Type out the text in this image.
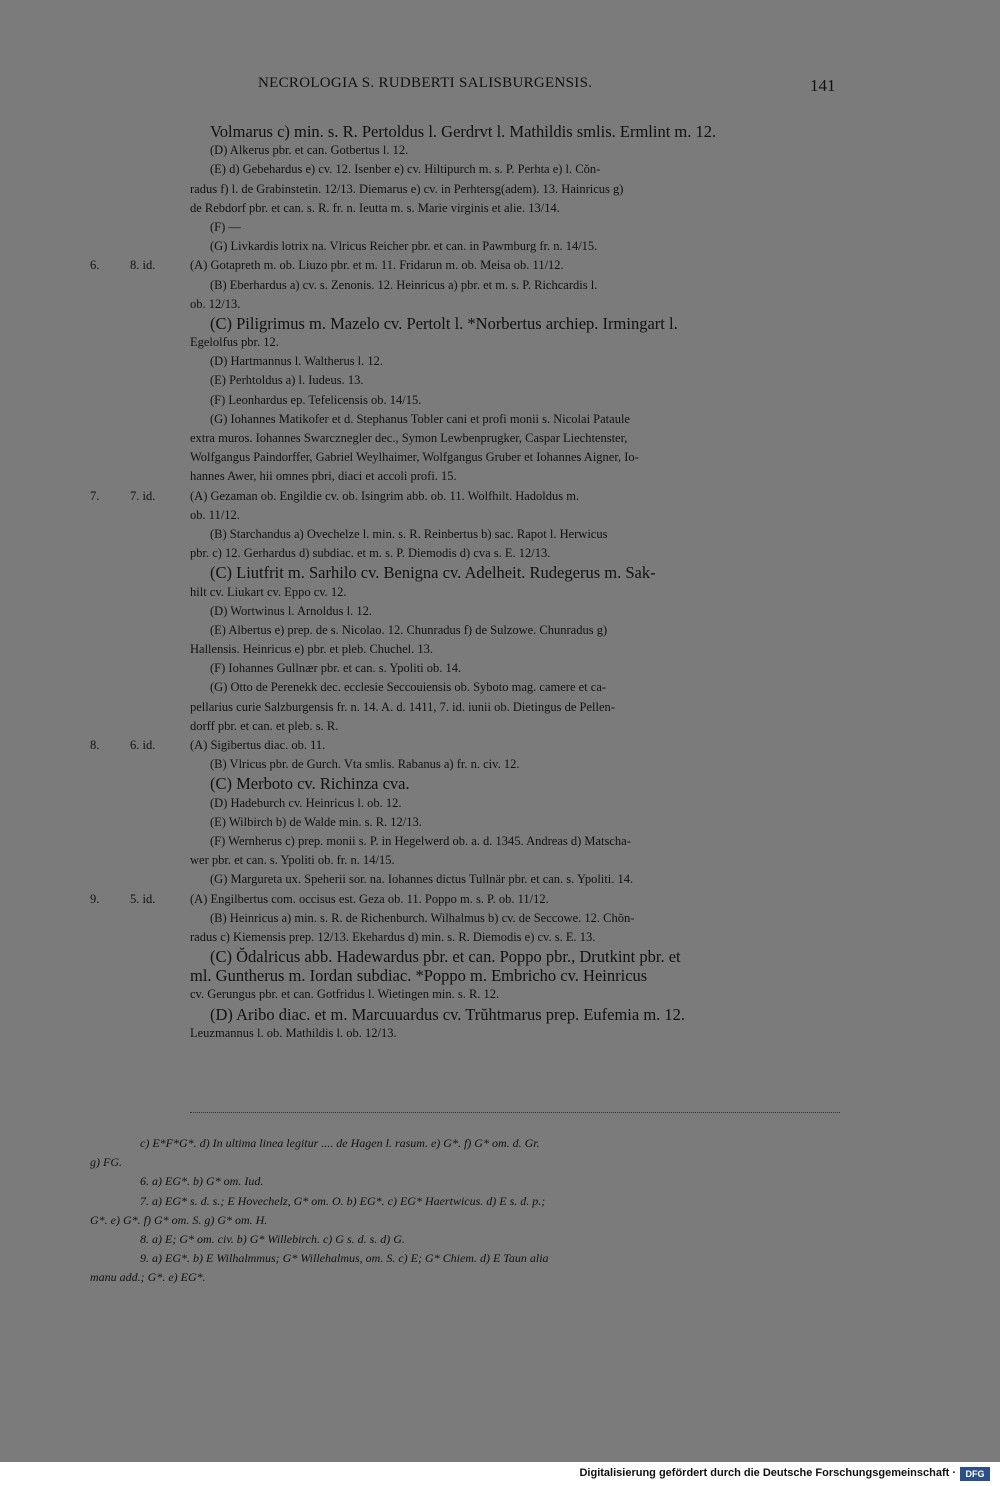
NECROLOGIA S. RUDBERTI SALISBURGENSIS.	141
Volmarus c) min. s. R. Pertoldus l. Gerdrvt l. Mathildis smlis. Ermlint m. 12.
(D) Alkerus pbr. et can. Gotbertus l. 12.
(E) d) Gebehardus e) cv. 12. Isenber e) cv. Hiltipurch m. s. P. Perhta e) l. Cŏn-
radus f) l. de Grabinstetin. 12/13. Diemarus e) cv. in Perhtersg(adem). 13. Hainricus g)
de Rebdorf pbr. et can. s. R. fr. n. Ieutta m. s. Marie virginis et alie. 13/14.
(F) —
(G) Livkardis lotrix na. Vlricus Reicher pbr. et can. in Pawmburg fr. n. 14/15.
6.	8. id.	(A) Gotapreth m. ob. Liuzo pbr. et m. 11. Fridarun m. ob. Meisa ob. 11/12.
(B) Eberhardus a) cv. s. Zenonis. 12. Heinricus a) pbr. et m. s. P. Richcardis l.
ob. 12/13.
(C) Piligrimus m. Mazelo cv. Pertolt l. *Norbertus archiep. Irmingart l.
Egelolfus pbr. 12.
(D) Hartmannus l. Waltherus l. 12.
(E) Perhtoldus a) l. Iudeus. 13.
(F) Leonhardus ep. Tefelicensis ob. 14/15.
(G) Iohannes Matikofer et d. Stephanus Tobler cani et profi monii s. Nicolai Pataule
extra muros. Iohannes Swarcznegler dec., Symon Lewbenprugker, Caspar Liechtenster,
Wolfgangus Paindorffer, Gabriel Weylhaimer, Wolfgangus Gruber et Iohannes Aigner, Io-
hannes Awer, hii omnes pbri, diaci et accoli profi. 15.
7.	7. id.	(A) Gezaman ob. Engildie cv. ob. Isingrim abb. ob. 11. Wolfhilt. Hadoldus m.
ob. 11/12.
(B) Starchandus a) Ovechelze l. min. s. R. Reinbertus b) sac. Rapot l. Herwicus
pbr. c) 12. Gerhardus d) subdiac. et m. s. P. Diemodis d) cva s. E. 12/13.
(C) Liutfrit m. Sarhilo cv. Benigna cv. Adelheit. Rudegerus m. Sak-
hilt cv. Liukart cv. Eppo cv. 12.
(D) Wortwinus l. Arnoldus l. 12.
(E) Albertus e) prep. de s. Nicolao. 12. Chunradus f) de Sulzowe. Chunradus g)
Hallensis. Heinricus e) pbr. et pleb. Chuchel. 13.
(F) Iohannes Gullnær pbr. et can. s. Ypoliti ob. 14.
(G) Otto de Perenekk dec. ecclesie Seccouiensis ob. Syboto mag. camere et ca-
pellarius curie Salzburgensis fr. n. 14. A. d. 1411, 7. id. iunii ob. Dietingus de Pellen-
dorff pbr. et can. et pleb. s. R.
8.	6. id.	(A) Sigibertus diac. ob. 11.
(B) Vlricus pbr. de Gurch. Vta smlis. Rabanus a) fr. n. civ. 12.
(C) Merboto cv. Richinza cva.
(D) Hadeburch cv. Heinricus l. ob. 12.
(E) Wilbirch b) de Walde min. s. R. 12/13.
(F) Wernherus c) prep. monii s. P. in Hegelwerd ob. a. d. 1345. Andreas d) Matscha-
wer pbr. et can. s. Ypoliti ob. fr. n. 14/15.
(G) Margureta ux. Speherii sor. na. Iohannes dictus Tullnär pbr. et can. s. Ypoliti. 14.
9.	5. id.	(A) Engilbertus com. occisus est. Geza ob. 11. Poppo m. s. P. ob. 11/12.
(B) Heinricus a) min. s. R. de Richenburch. Wilhalmus b) cv. de Seccowe. 12. Chŏn-
radus c) Kiemensis prep. 12/13. Ekehardus d) min. s. R. Diemodis e) cv. s. E. 13.
(C) Ŏdalricus abb. Hadewardus pbr. et can. Poppo pbr., Drutkint pbr. et
ml. Guntherus m. Iordan subdiac. *Poppo m. Embricho cv. Heinricus
cv. Gerungus pbr. et can. Gotfridus l. Wietingen min. s. R. 12.
(D) Aribo diac. et m. Marcuuardus cv. Trŭhtmarus prep. Eufemia m. 12.
Leuzmannus l. ob. Mathildis l. ob. 12/13.
c) E*F*G*. d) In ultima linea legitur .... de Hagen l. rasum. e) G*. f) G* om. d. Gr.
g) FG.
6. a) EG*. b) G* om. Iud.
7. a) EG* s. d. s.; E Hovechelz, G* om. O. b) EG*. c) EG* Haertwicus. d) E s. d. p.;
G*. e) G*. f) G* om. S. g) G* om. H.
8. a) E; G* om. civ. b) G* Willebirch. c) G s. d. s. d) G.
9. a) EG*. b) E Wilhalmmus; G* Willehalmus, om. S. c) E; G* Chiem. d) E Taun alia
manu add.; G*. e) EG*.
Digitalisierung gefördert durch die Deutsche Forschungsgemeinschaft ·	DFG
